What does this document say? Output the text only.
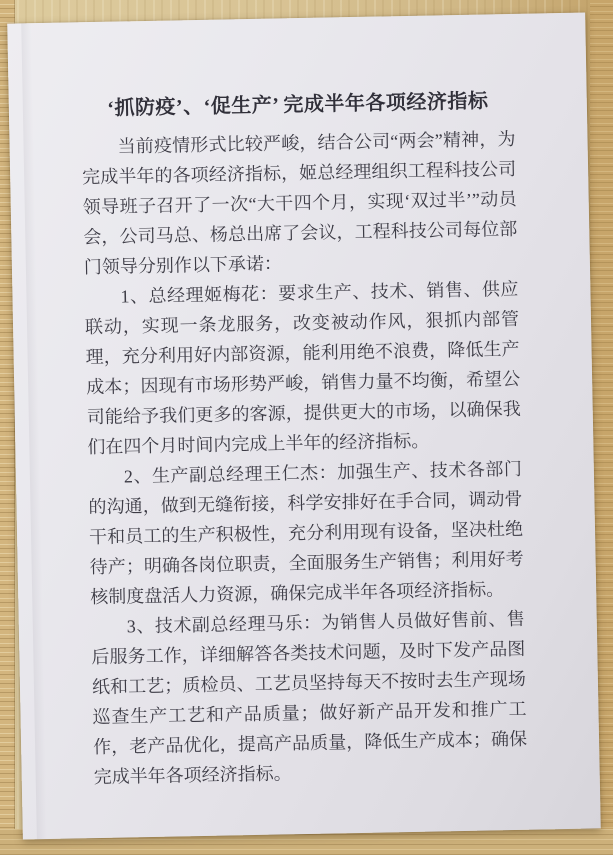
‘抓防疫’、‘促生产’ 完成半年各项经济指标

当前疫情形式比较严峻，结合公司“两会”精神，为完成半年的各项经济指标，姬总经理组织工程科技公司领导班子召开了一次“大干四个月，实现‘双过半’”动员会，公司马总、杨总出席了会议，工程科技公司每位部门领导分别作以下承诺：

1、总经理姬梅花：要求生产、技术、销售、供应联动，实现一条龙服务，改变被动作风，狠抓内部管理，充分利用好内部资源，能利用绝不浪费，降低生产成本；因现有市场形势严峻，销售力量不均衡，希望公司能给予我们更多的客源，提供更大的市场，以确保我们在四个月时间内完成上半年的经济指标。

2、生产副总经理王仁杰：加强生产、技术各部门的沟通，做到无缝衔接，科学安排好在手合同，调动骨干和员工的生产积极性，充分利用现有设备，坚决杜绝待产；明确各岗位职责，全面服务生产销售；利用好考核制度盘活人力资源，确保完成半年各项经济指标。

3、技术副总经理马乐：为销售人员做好售前、售后服务工作，详细解答各类技术问题，及时下发产品图纸和工艺；质检员、工艺员坚持每天不按时去生产现场巡查生产工艺和产品质量；做好新产品开发和推广工作，老产品优化，提高产品质量，降低生产成本；确保完成半年各项经济指标。
